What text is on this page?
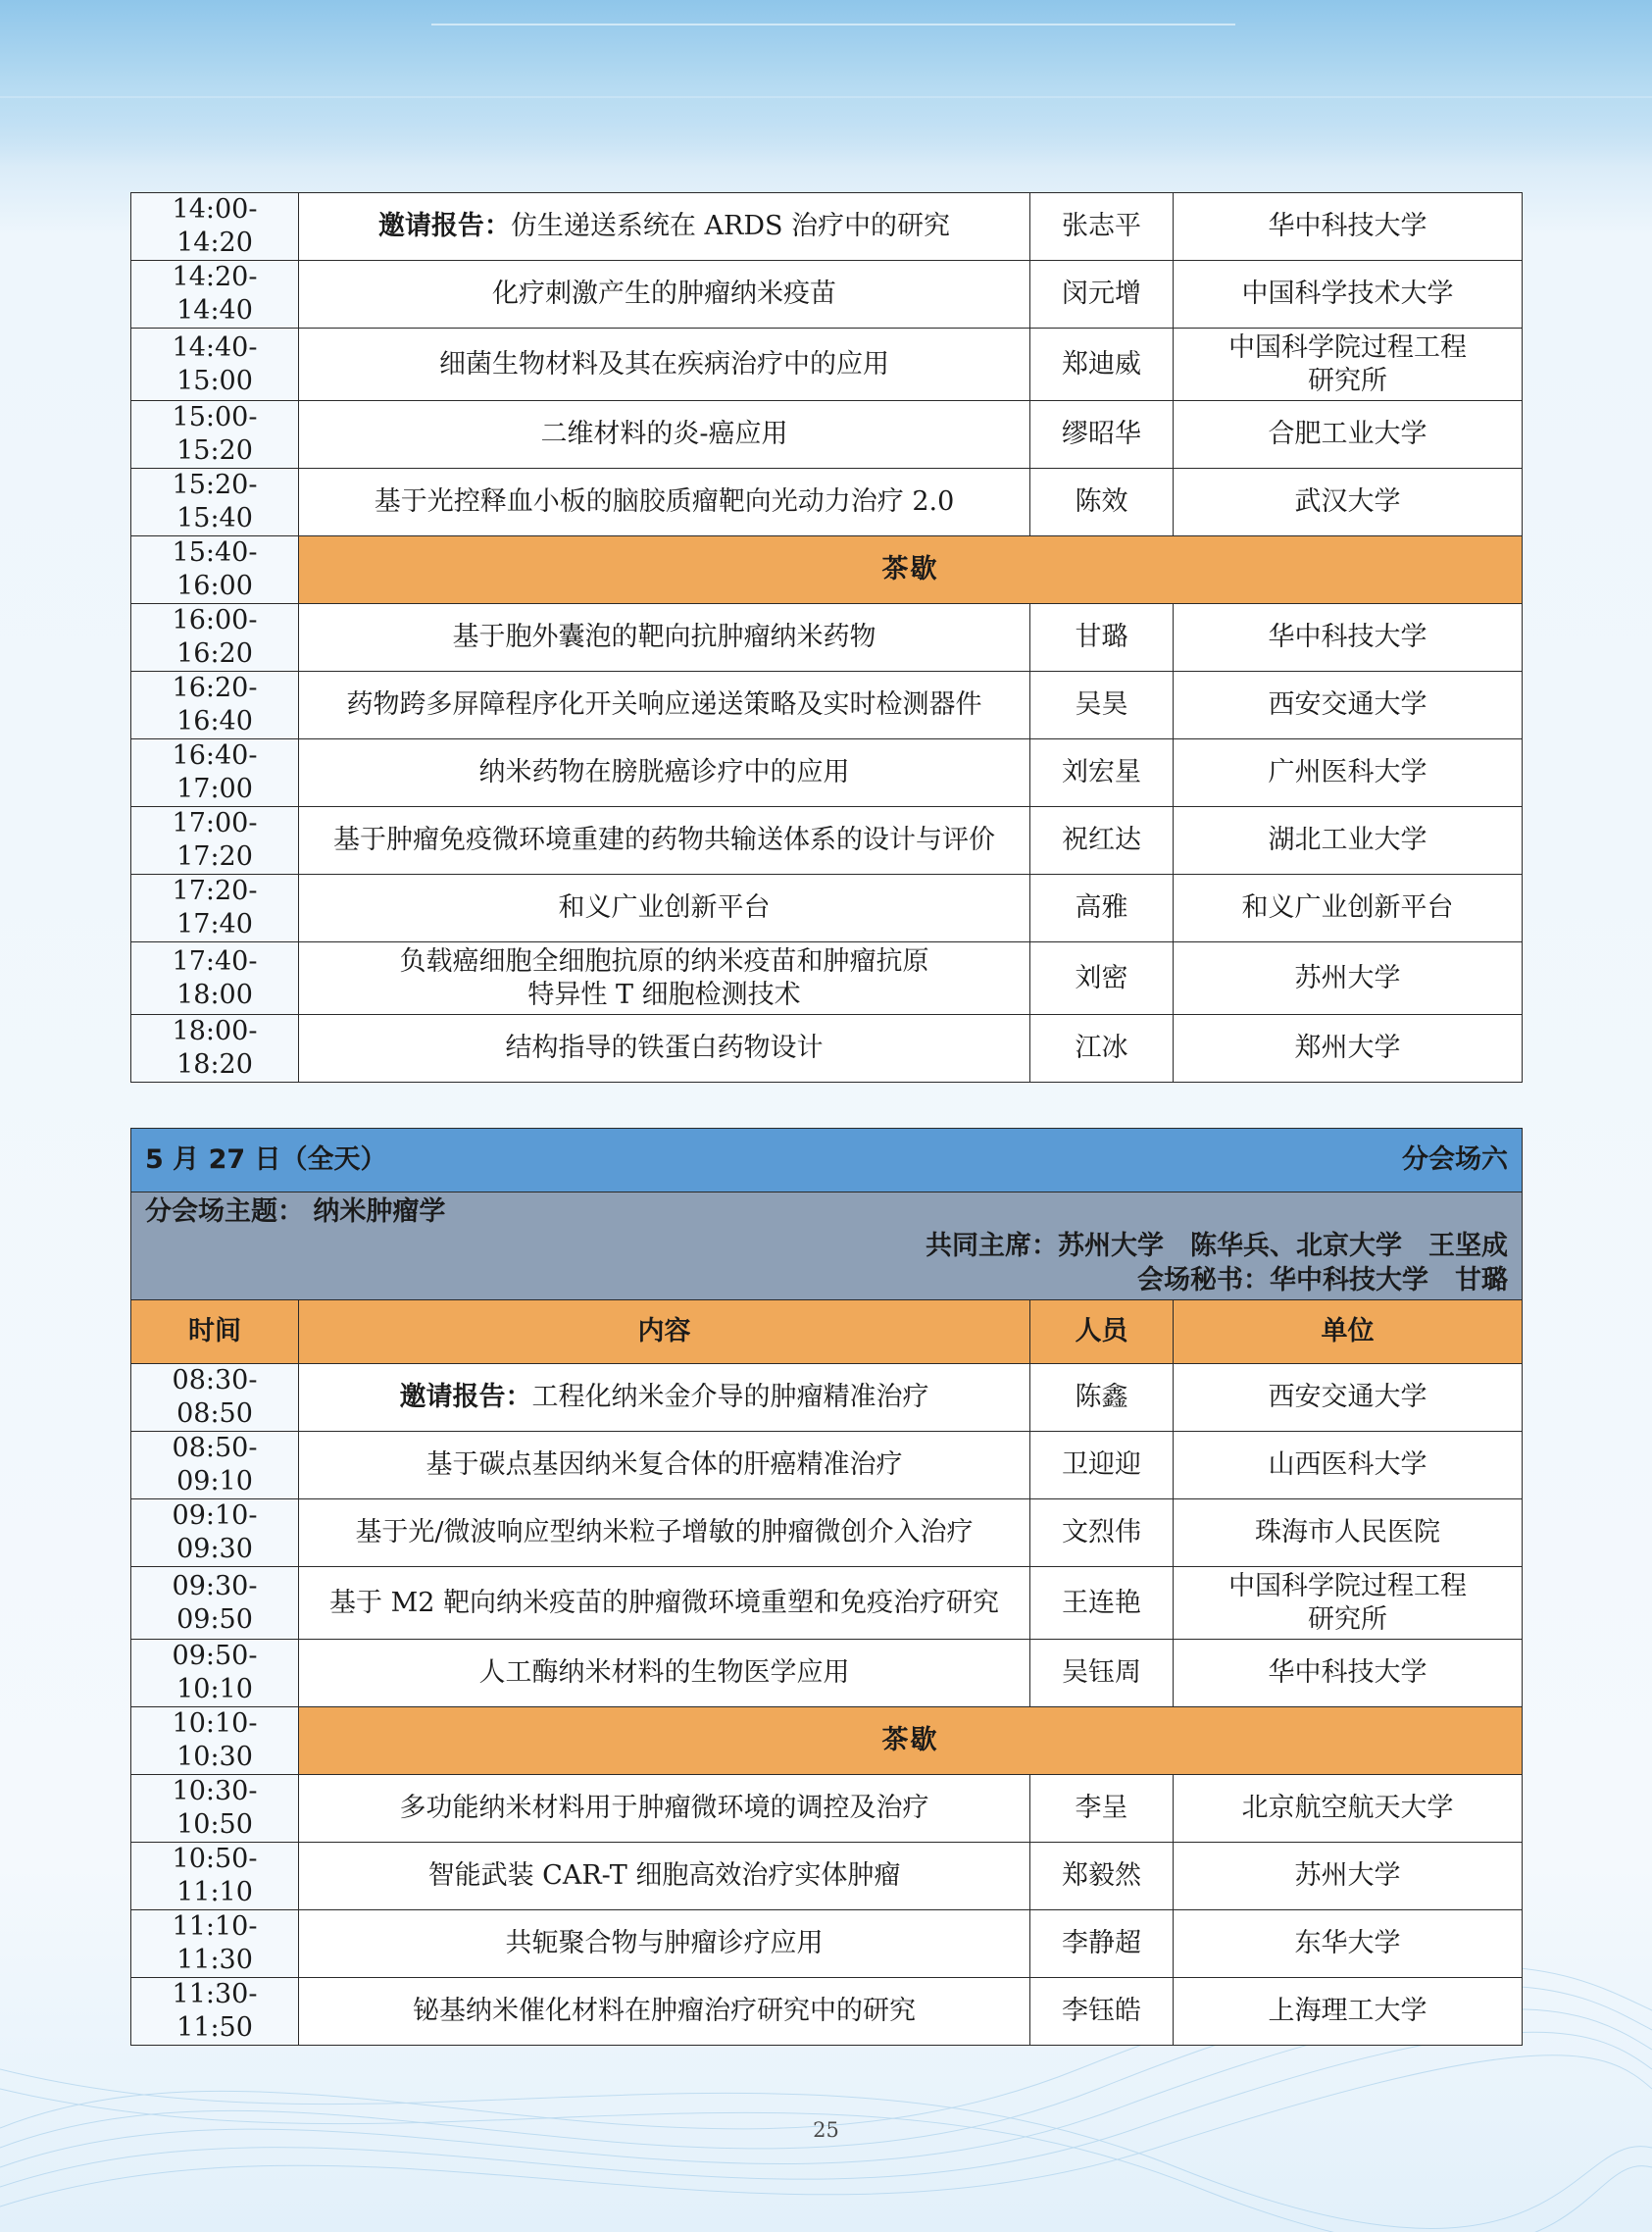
14:00-14:20	邀请报告：仿生递送系统在 ARDS 治疗中的研究	张志平	华中科技大学
14:20-14:40	化疗刺激产生的肿瘤纳米疫苗	闵元增	中国科学技术大学
14:40-15:00	细菌生物材料及其在疾病治疗中的应用	郑迪威	中国科学院过程工程
研究所

15:00-15:20	二维材料的炎-癌应用	缪昭华	合肥工业大学
15:20-15:40	基于光控释血小板的脑胶质瘤靶向光动力治疗 2.0	陈效	武汉大学
15:40-16:00	茶歇		
16:00-16:20	基于胞外囊泡的靶向抗肿瘤纳米药物	甘璐	华中科技大学
16:20-16:40	药物跨多屏障程序化开关响应递送策略及实时检测器件	吴昊	西安交通大学
16:40-17:00	纳米药物在膀胱癌诊疗中的应用	刘宏星	广州医科大学
17:00-17:20	基于肿瘤免疫微环境重建的药物共输送体系的设计与评价	祝红达	湖北工业大学
17:20-17:40	和义广业创新平台	高雅	和义广业创新平台
17:40-18:00	负载癌细胞全细胞抗原的纳米疫苗和肿瘤抗原
特异性 T 细胞检测技术	刘密	苏州大学
18:00-18:20	结构指导的铁蛋白药物设计	江冰	郑州大学
5 月 27 日（全天） 分会场六			

分会场主题： 纳米肿瘤学
共同主席：苏州大学　陈华兵、北京大学　王坚成
会场秘书：华中科技大学　甘璐			

时间	内容	人员	单位
08:30-08:50	邀请报告：工程化纳米金介导的肿瘤精准治疗	陈鑫	西安交通大学
08:50-09:10	基于碳点基因纳米复合体的肝癌精准治疗	卫迎迎	山西医科大学
09:10-09:30	基于光/微波响应型纳米粒子增敏的肿瘤微创介入治疗	文烈伟	珠海市人民医院
09:30-09:50	基于 M2 靶向纳米疫苗的肿瘤微环境重塑和免疫治疗研究	王连艳	中国科学院过程工程
研究所

09:50-10:10	人工酶纳米材料的生物医学应用	吴钰周	华中科技大学
10:10-10:30	茶歇		
10:30-10:50	多功能纳米材料用于肿瘤微环境的调控及治疗	李呈	北京航空航天大学
10:50-11:10	智能武装 CAR-T 细胞高效治疗实体肿瘤	郑毅然	苏州大学
11:10-11:30	共轭聚合物与肿瘤诊疗应用	李静超	东华大学
11:30-11:50	铋基纳米催化材料在肿瘤治疗研究中的研究	李钰皓	上海理工大学
25
